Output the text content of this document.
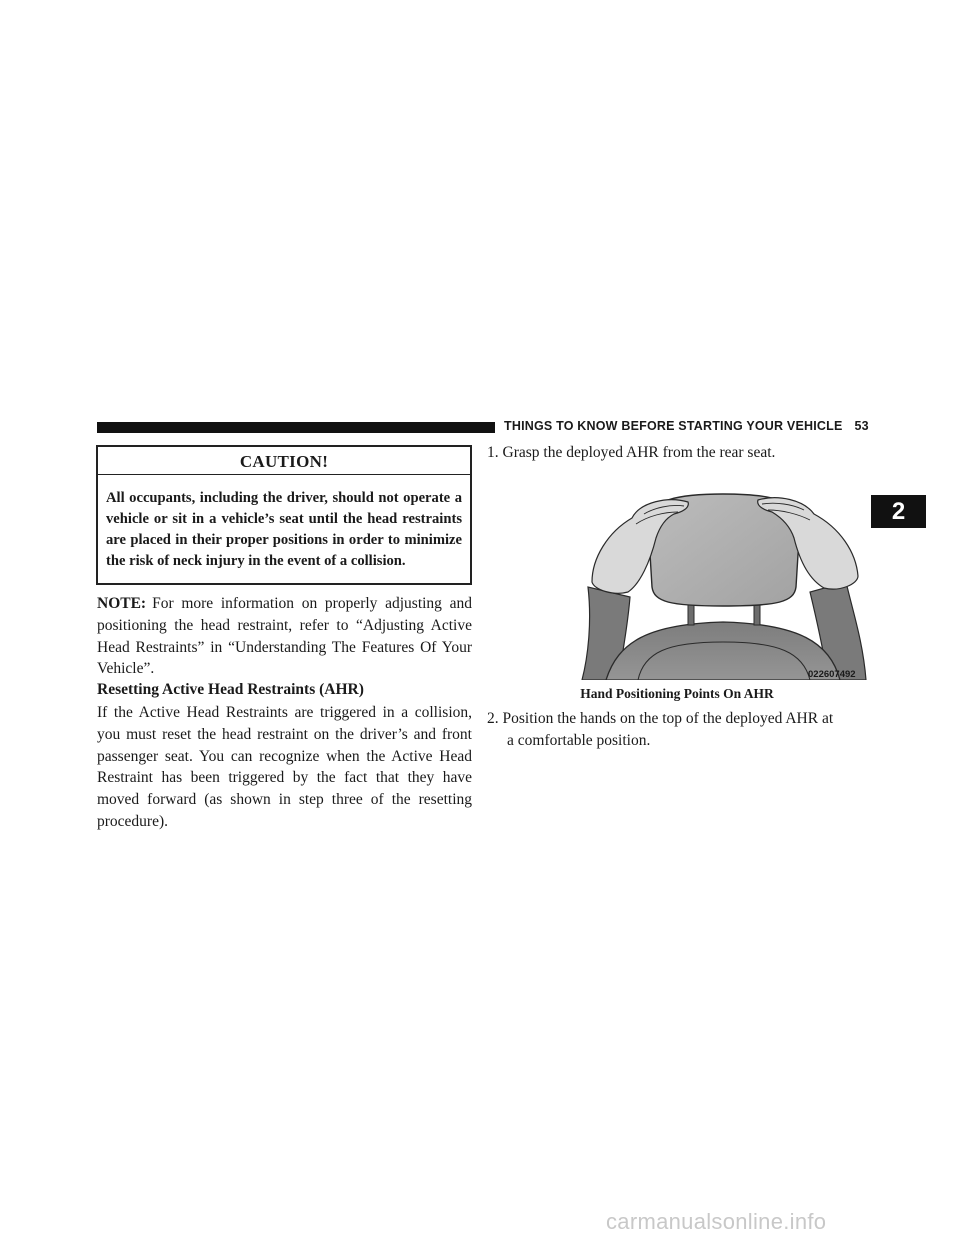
THINGS TO KNOW BEFORE STARTING YOUR VEHICLE 53
2
CAUTION!
All occupants, including the driver, should not operate a vehicle or sit in a vehicle’s seat until the head restraints are placed in their proper positions in order to minimize the risk of neck injury in the event of a collision.

NOTE: For more information on properly adjusting and positioning the head restraint, refer to “Adjusting Active Head Restraints” in “Understanding The Features Of Your Vehicle”.

Resetting Active Head Restraints (AHR)

If the Active Head Restraints are triggered in a collision, you must reset the head restraint on the driver’s and front passenger seat. You can recognize when the Active Head Restraint has been triggered by the fact that they have moved forward (as shown in step three of the resetting procedure).

1. Grasp the deployed AHR from the rear seat.

022607492
Hand Positioning Points On AHR

2. Position the hands on the top of the deployed AHR at
a comfortable position.

carmanualsonline.info
